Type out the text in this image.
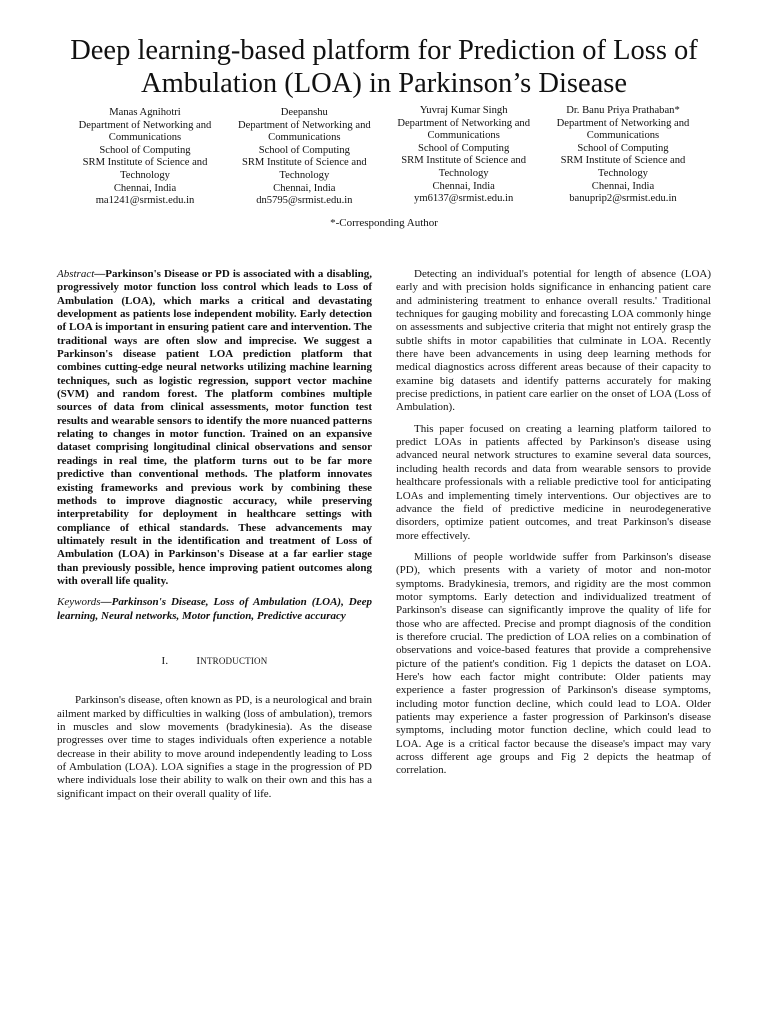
Deep learning-based platform for Prediction of Loss of Ambulation (LOA) in Parkinson’s Disease
Manas Agnihotri
Department of Networking and Communications
School of Computing
SRM Institute of Science and Technology
Chennai, India
ma1241@srmist.edu.in
Deepanshu
Department of Networking and Communications
School of Computing
SRM Institute of Science and Technology
Chennai, India
dn5795@srmist.edu.in
Yuvraj Kumar Singh
Department of Networking and Communications
School of Computing
SRM Institute of Science and Technology
Chennai, India
ym6137@srmist.edu.in
Dr. Banu Priya Prathaban*
Department of Networking and Communications
School of Computing
SRM Institute of Science and Technology
Chennai, India
banuprip2@srmist.edu.in
*-Corresponding Author

Abstract—Parkinson's Disease or PD is associated with a disabling, progressively motor function loss control which leads to Loss of Ambulation (LOA), which marks a critical and devastating development as patients lose independent mobility. Early detection of LOA is important in ensuring patient care and intervention. The traditional ways are often slow and imprecise. We suggest a Parkinson's disease patient LOA prediction platform that combines cutting-edge neural networks utilizing machine learning techniques, such as logistic regression, support vector machine (SVM) and random forest. The platform combines multiple sources of data from clinical assessments, motor function test results and wearable sensors to identify the more nuanced patterns relating to changes in motor function. Trained on an expansive dataset comprising longitudinal clinical observations and sensor readings in real time, the platform turns out to be far more predictive than conventional methods. The platform innovates existing frameworks and previous work by combining these methods to improve diagnostic accuracy, while preserving interpretability for deployment in healthcare settings with compliance of ethical standards. These advancements may ultimately result in the identification and treatment of Loss of Ambulation (LOA) in Parkinson's Disease at a far earlier stage than previously possible, hence improving patient outcomes along with overall life quality.

Keywords—Parkinson's Disease, Loss of Ambulation (LOA), Deep learning, Neural networks, Motor function, Predictive accuracy

I.	INTRODUCTION

Parkinson's disease, often known as PD, is a neurological and brain ailment marked by difficulties in walking (loss of ambulation), tremors in muscles and slow movements (bradykinesia). As the disease progresses over time to stages individuals often experience a notable decrease in their ability to move around independently leading to Loss of Ambulation (LOA). LOA signifies a stage in the progression of PD where individuals lose their ability to walk on their own and this has a significant impact on their overall quality of life.

Detecting an individual's potential for length of absence (LOA) early and with precision holds significance in enhancing patient care and administering treatment to enhance overall results.' Traditional techniques for gauging mobility and forecasting LOA commonly hinge on assessments and subjective criteria that might not entirely grasp the subtle shifts in motor capabilities that culminate in LOA. Recently there have been advancements in using deep learning methods for medical diagnostics across different areas because of their capacity to examine big datasets and identify patterns accurately for making precise predictions, in patient care earlier on the onset of LOA (Loss of Ambulation).

This paper focused on creating a learning platform tailored to predict LOAs in patients affected by Parkinson's disease using advanced neural network structures to examine several data sources, including health records and data from wearable sensors to provide healthcare professionals with a reliable predictive tool for anticipating LOAs and implementing timely interventions. Our objectives are to advance the field of predictive medicine in neurodegenerative disorders, optimize patient outcomes, and treat Parkinson's disease more effectively.

Millions of people worldwide suffer from Parkinson's disease (PD), which presents with a variety of motor and non-motor symptoms. Bradykinesia, tremors, and rigidity are the most common motor symptoms. Early detection and individualized treatment of Parkinson's disease can significantly improve the quality of life for those who are affected. Precise and prompt diagnosis of the condition is therefore crucial. The prediction of LOA relies on a combination of observations and voice-based features that provide a comprehensive picture of the patient's condition. Fig 1 depicts the dataset on LOA. Here's how each factor might contribute: Older patients may experience a faster progression of Parkinson's disease symptoms, including motor function decline, which could lead to LOA. Older patients may experience a faster progression of Parkinson's disease symptoms, including motor function decline, which could lead to LOA. Age is a critical factor because the disease's impact may vary across different age groups and Fig 2 depicts the heatmap of correlation.
